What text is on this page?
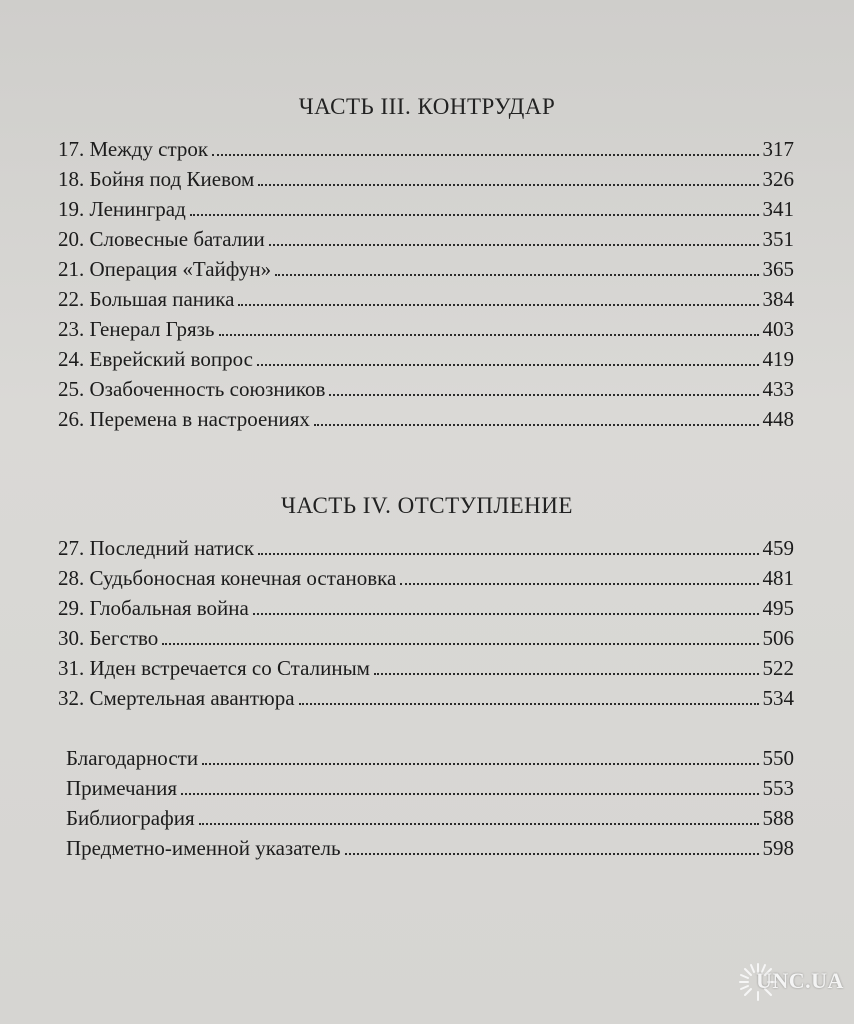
ЧАСТЬ III. КОНТРУДАР
17. Между строк	317
18. Бойня под Киевом	326
19. Ленинград	341
20. Словесные баталии	351
21. Операция «Тайфун»	365
22. Большая паника	384
23. Генерал Грязь	403
24. Еврейский вопрос	419
25. Озабоченность союзников	433
26. Перемена в настроениях	448
ЧАСТЬ IV. ОТСТУПЛЕНИЕ
27. Последний натиск	459
28. Судьбоносная конечная остановка	481
29. Глобальная война	495
30. Бегство	506
31. Иден встречается со Сталиным	522
32. Смертельная авантюра	534
Благодарности	550
Примечания	553
Библиография	588
Предметно-именной указатель	598
UNC.UA
